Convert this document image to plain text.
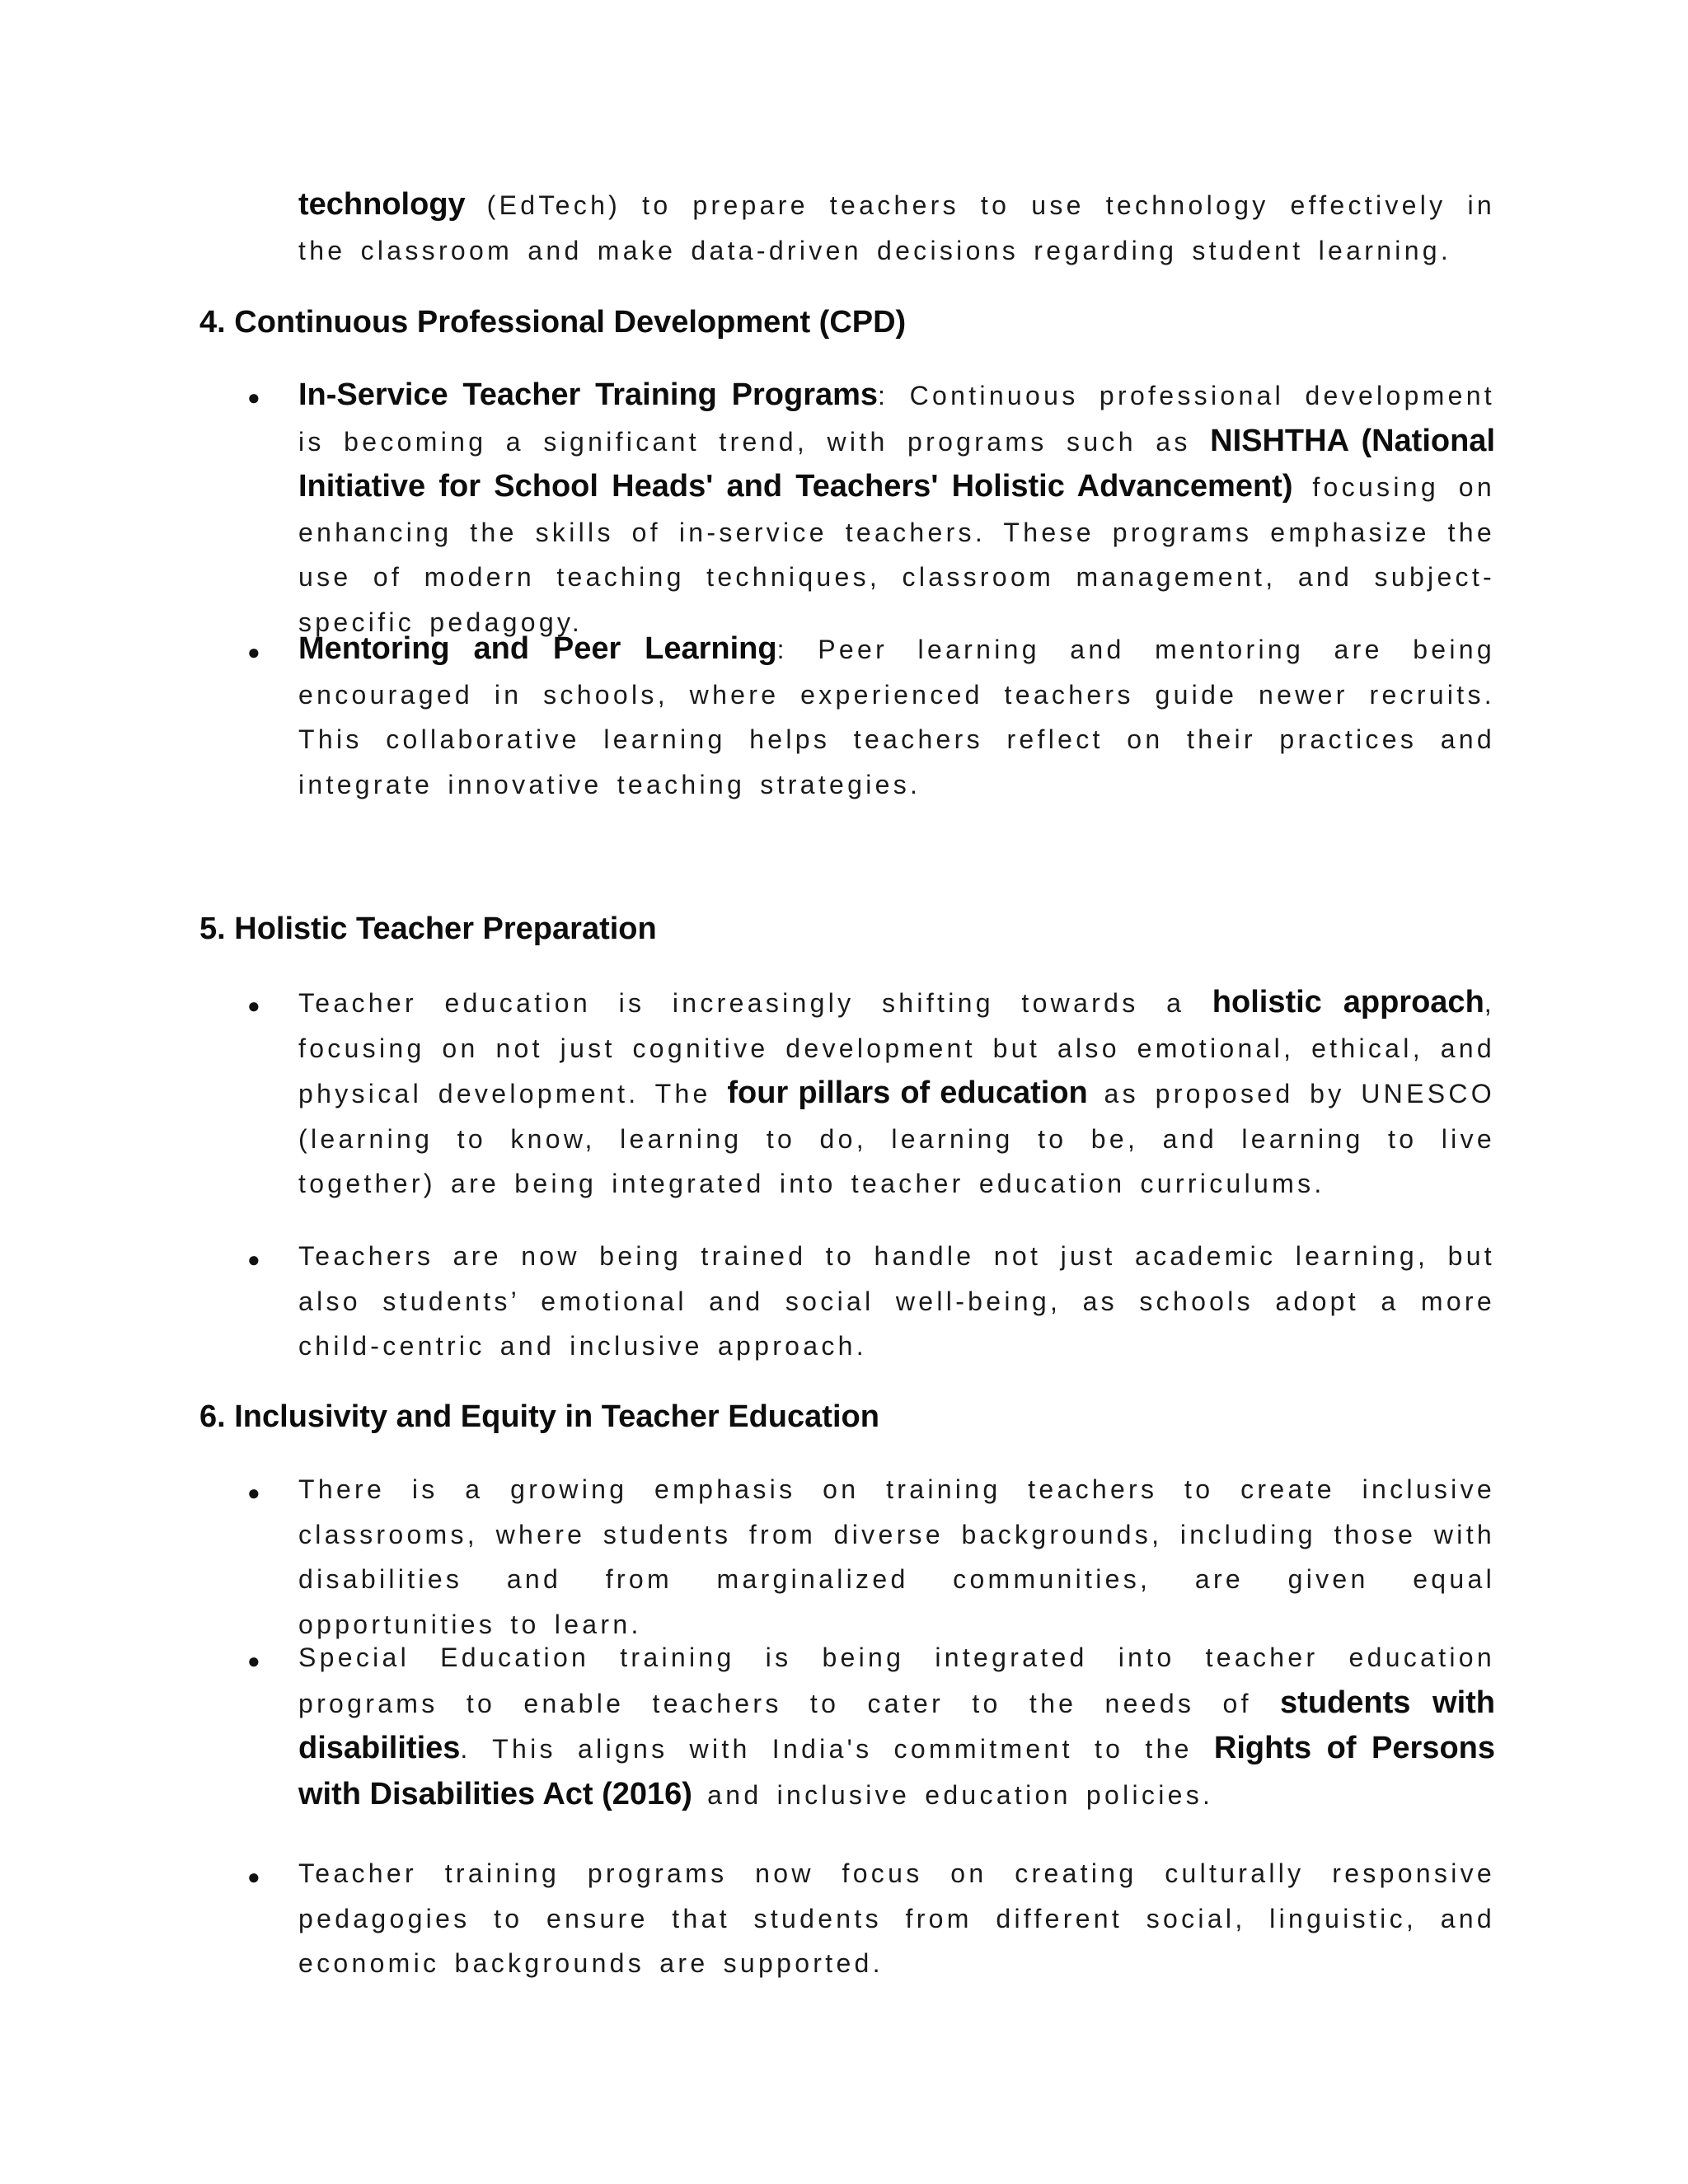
technology (EdTech) to prepare teachers to use technology effectively in the classroom and make data-driven decisions regarding student learning.

4. Continuous Professional Development (CPD)
● In-Service Teacher Training Programs: Continuous professional development is becoming a significant trend, with programs such as NISHTHA (National Initiative for School Heads' and Teachers' Holistic Advancement) focusing on enhancing the skills of in-service teachers. These programs emphasize the use of modern teaching techniques, classroom management, and subject-specific pedagogy.

● Mentoring and Peer Learning: Peer learning and mentoring are being encouraged in schools, where experienced teachers guide newer recruits. This collaborative learning helps teachers reflect on their practices and integrate innovative teaching strategies.

5. Holistic Teacher Preparation
● Teacher education is increasingly shifting towards a holistic approach, focusing on not just cognitive development but also emotional, ethical, and physical development. The four pillars of education as proposed by UNESCO (learning to know, learning to do, learning to be, and learning to live together) are being integrated into teacher education curriculums.

● Teachers are now being trained to handle not just academic learning, but also students’ emotional and social well-being, as schools adopt a more child-centric and inclusive approach.

6. Inclusivity and Equity in Teacher Education
● There is a growing emphasis on training teachers to create inclusive classrooms, where students from diverse backgrounds, including those with disabilities and from marginalized communities, are given equal opportunities to learn.

● Special Education training is being integrated into teacher education programs to enable teachers to cater to the needs of students with disabilities. This aligns with India's commitment to the Rights of Persons with Disabilities Act (2016) and inclusive education policies.

● Teacher training programs now focus on creating culturally responsive pedagogies to ensure that students from different social, linguistic, and economic backgrounds are supported.
